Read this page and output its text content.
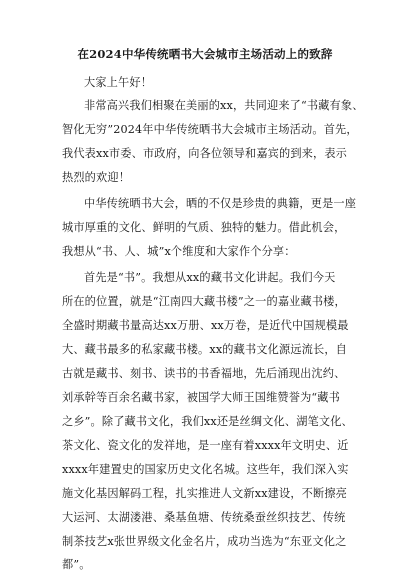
在2024中华传统晒书大会城市主场活动上的致辞
大家上午好！
非常高兴我们相聚在美丽的xx，共同迎来了“书藏有象、
智化无穷”2024年中华传统晒书大会城市主场活动。首先，
我代表xx市委、市政府，向各位领导和嘉宾的到来，表示
热烈的欢迎！
中华传统晒书大会，晒的不仅是珍贵的典籍，更是一座
城市厚重的文化、鲜明的气质、独特的魅力。借此机会，
我想从“书、人、城”x个维度和大家作个分享：
首先是“书”。我想从xx的藏书文化讲起。我们今天
所在的位置，就是“江南四大藏书楼”之一的嘉业藏书楼，
全盛时期藏书量高达xx万册、xx万卷，是近代中国规模最
大、藏书最多的私家藏书楼。xx的藏书文化源远流长，自
古就是藏书、刻书、读书的书香福地，先后涌现出沈约、
刘承幹等百余名藏书家，被国学大师王国维赞誉为“藏书
之乡”。除了藏书文化，我们xx还是丝绸文化、湖笔文化、
茶文化、瓷文化的发祥地，是一座有着xxxx年文明史、近
xxxx年建置史的国家历史文化名城。这些年，我们深入实
施文化基因解码工程，扎实推进人文新xx建设，不断擦亮
大运河、太湖溇港、桑基鱼塘、传统桑蚕丝织技艺、传统
制茶技艺x张世界级文化金名片，成功当选为“东亚文化之
都”。
